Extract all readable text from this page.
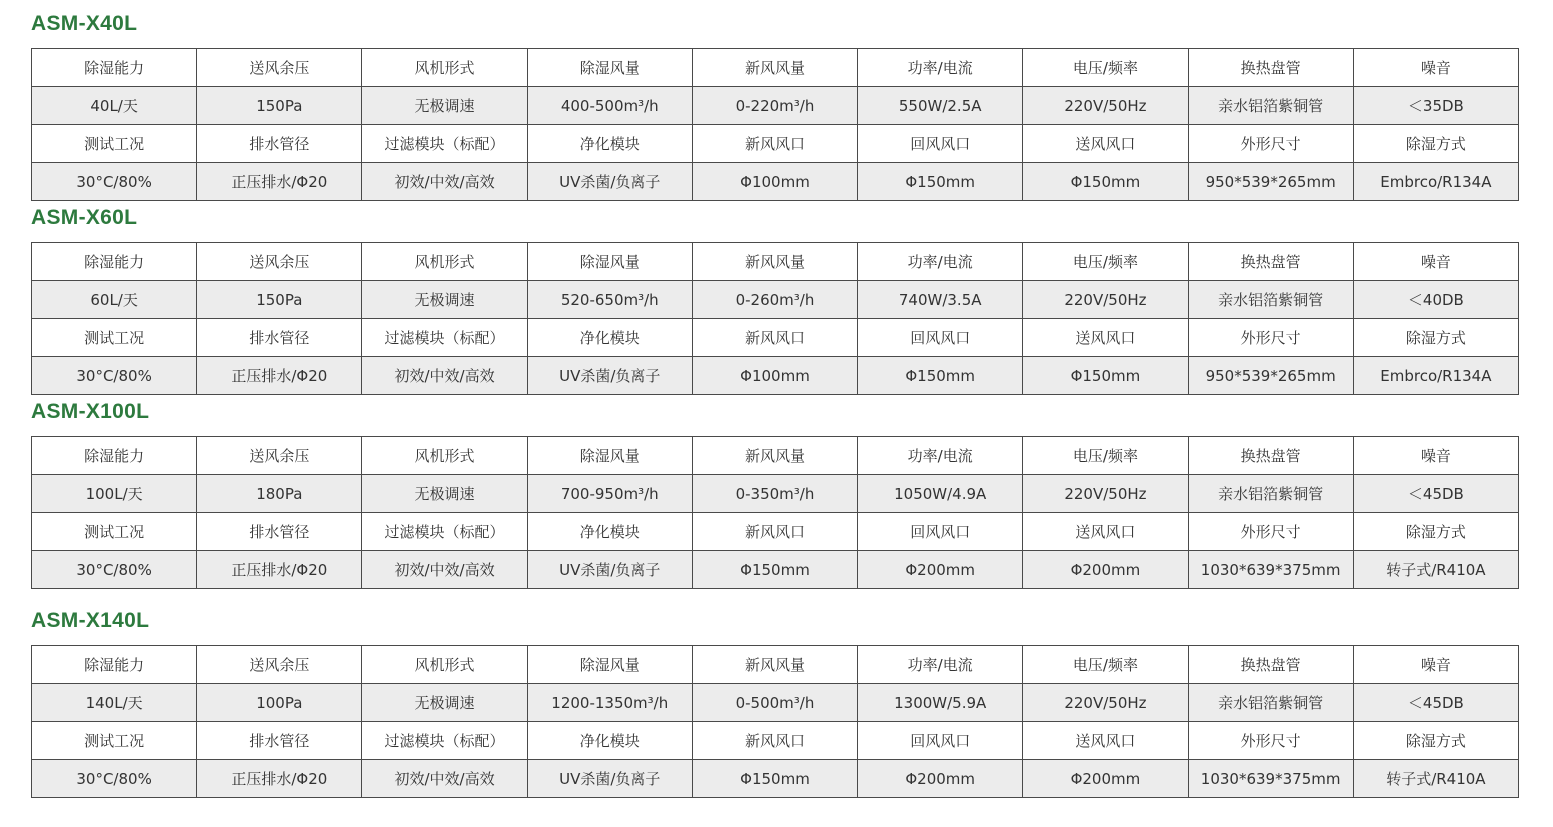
ASM-X40L
除湿能力	送风余压	风机形式	除湿风量	新风风量	功率/电流	电压/频率	换热盘管	噪音
40L/天	150Pa	无极调速	400-500m³/h	0-220m³/h	550W/2.5A	220V/50Hz	亲水铝箔紫铜管	＜35DB
测试工况	排水管径	过滤模块（标配）	净化模块	新风风口	回风风口	送风风口	外形尺寸	除湿方式
30°C/80%	正压排水/Φ20	初效/中效/高效	UV杀菌/负离子	Φ100mm	Φ150mm	Φ150mm	950*539*265mm	Embrco/R134A
ASM-X60L
除湿能力	送风余压	风机形式	除湿风量	新风风量	功率/电流	电压/频率	换热盘管	噪音
60L/天	150Pa	无极调速	520-650m³/h	0-260m³/h	740W/3.5A	220V/50Hz	亲水铝箔紫铜管	＜40DB
测试工况	排水管径	过滤模块（标配）	净化模块	新风风口	回风风口	送风风口	外形尺寸	除湿方式
30°C/80%	正压排水/Φ20	初效/中效/高效	UV杀菌/负离子	Φ100mm	Φ150mm	Φ150mm	950*539*265mm	Embrco/R134A
ASM-X100L
除湿能力	送风余压	风机形式	除湿风量	新风风量	功率/电流	电压/频率	换热盘管	噪音
100L/天	180Pa	无极调速	700-950m³/h	0-350m³/h	1050W/4.9A	220V/50Hz	亲水铝箔紫铜管	＜45DB
测试工况	排水管径	过滤模块（标配）	净化模块	新风风口	回风风口	送风风口	外形尺寸	除湿方式
30°C/80%	正压排水/Φ20	初效/中效/高效	UV杀菌/负离子	Φ150mm	Φ200mm	Φ200mm	1030*639*375mm	转子式/R410A
ASM-X140L
除湿能力	送风余压	风机形式	除湿风量	新风风量	功率/电流	电压/频率	换热盘管	噪音
140L/天	100Pa	无极调速	1200-1350m³/h	0-500m³/h	1300W/5.9A	220V/50Hz	亲水铝箔紫铜管	＜45DB
测试工况	排水管径	过滤模块（标配）	净化模块	新风风口	回风风口	送风风口	外形尺寸	除湿方式
30°C/80%	正压排水/Φ20	初效/中效/高效	UV杀菌/负离子	Φ150mm	Φ200mm	Φ200mm	1030*639*375mm	转子式/R410A
